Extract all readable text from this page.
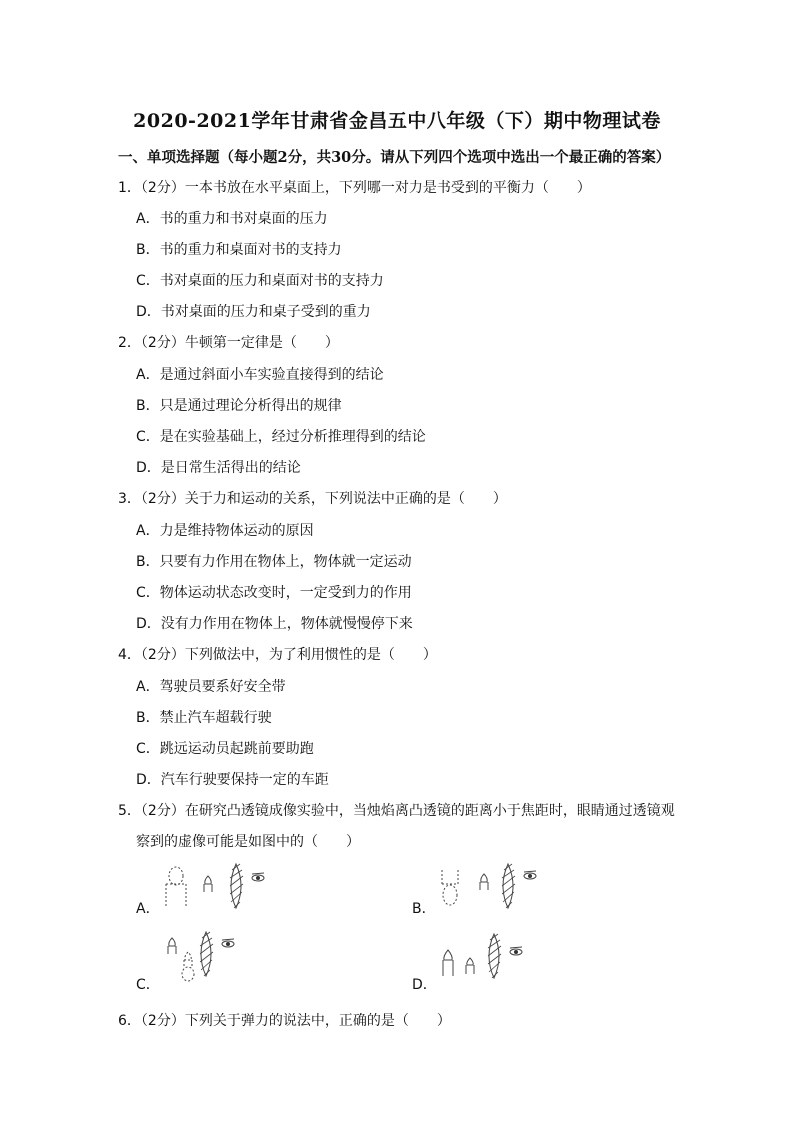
2020-2021学年甘肃省金昌五中八年级（下）期中物理试卷
一、单项选择题（每小题2分，共30分。请从下列四个选项中选出一个最正确的答案）
1．（2分）一本书放在水平桌面上，下列哪一对力是书受到的平衡力（　　）
A．书的重力和书对桌面的压力
B．书的重力和桌面对书的支持力
C．书对桌面的压力和桌面对书的支持力
D．书对桌面的压力和桌子受到的重力
2．（2分）牛顿第一定律是（　　）
A．是通过斜面小车实验直接得到的结论
B．只是通过理论分析得出的规律
C．是在实验基础上，经过分析推理得到的结论
D．是日常生活得出的结论
3．（2分）关于力和运动的关系，下列说法中正确的是（　　）
A．力是维持物体运动的原因
B．只要有力作用在物体上，物体就一定运动
C．物体运动状态改变时，一定受到力的作用
D．没有力作用在物体上，物体就慢慢停下来
4．（2分）下列做法中，为了利用惯性的是（　　）
A．驾驶员要系好安全带
B．禁止汽车超载行驶
C．跳远运动员起跳前要助跑
D．汽车行驶要保持一定的车距
5．（2分）在研究凸透镜成像实验中，当烛焰离凸透镜的距离小于焦距时，眼睛通过透镜观
察到的虚像可能是如图中的（　　）
A．	B．
C．	D．
6．（2分）下列关于弹力的说法中，正确的是（　　）
